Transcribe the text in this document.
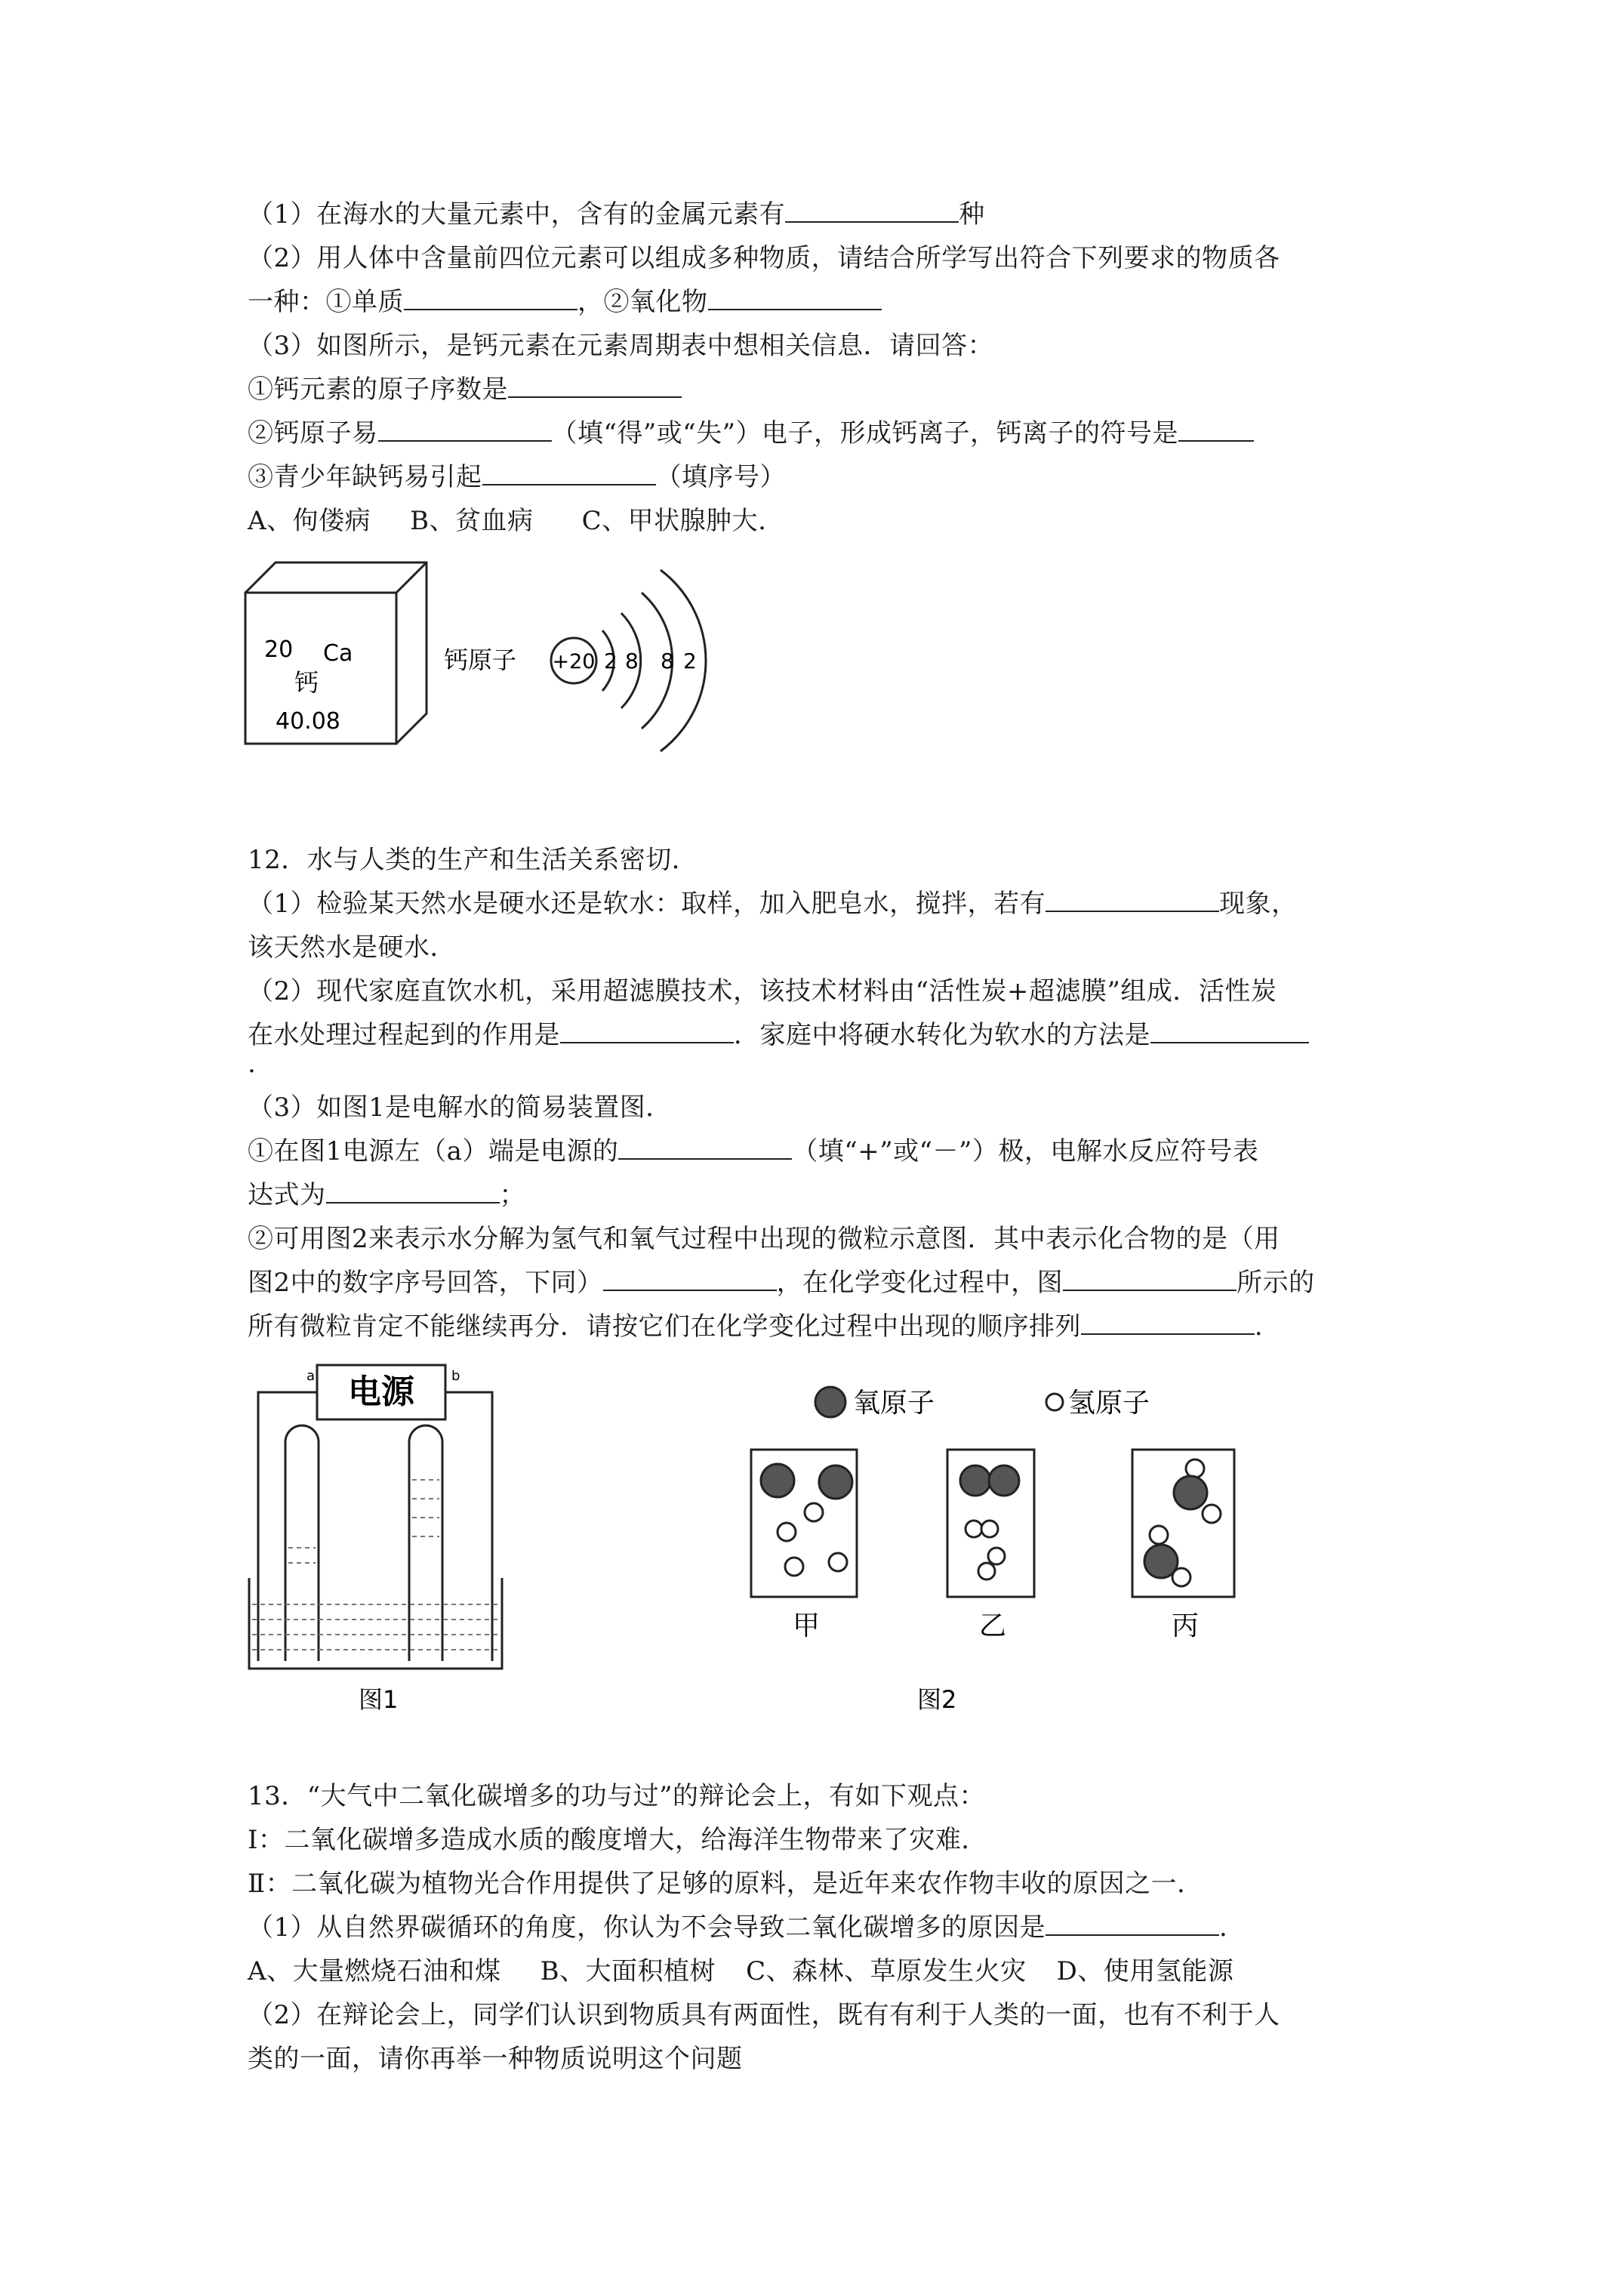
（1）在海水的大量元素中，含有的金属元素有	种
（2）用人体中含量前四位元素可以组成多种物质，请结合所学写出符合下列要求的物质各
一种：①单质	，②氧化物
（3）如图所示，是钙元素在元素周期表中想相关信息．请回答：
①钙元素的原子序数是
②钙原子易	（填“得”或“失”）电子，形成钙离子，钙离子的符号是
③青少年缺钙易引起	（填序号）
A、佝偻病 B、贫血病 C、甲状腺肿大.
20 Ca
钙
40.08
钙原子 +20 2 8 8 2
12．水与人类的生产和生活关系密切．
（1）检验某天然水是硬水还是软水：取样，加入肥皂水，搅拌，若有	现象，
该天然水是硬水．
（2）现代家庭直饮水机，采用超滤膜技术，该技术材料由“活性炭+超滤膜”组成．活性炭
在水处理过程起到的作用是	．家庭中将硬水转化为软水的方法是
.
（3）如图1是电解水的简易装置图．
①在图1电源左（a）端是电源的	（填“+”或“－”）极，电解水反应符号表
达式为	；
②可用图2来表示水分解为氢气和氧气过程中出现的微粒示意图．其中表示化合物的是（用
图2中的数字序号回答，下同）	，在化学变化过程中，图	所示的
所有微粒肯定不能继续再分．请按它们在化学变化过程中出现的顺序排列	．
电源
a	b
图1
氧原子	氢原子
甲	乙	丙
图2
13．“大气中二氧化碳增多的功与过”的辩论会上，有如下观点：
Ⅰ：二氧化碳增多造成水质的酸度增大，给海洋生物带来了灾难．
Ⅱ：二氧化碳为植物光合作用提供了足够的原料，是近年来农作物丰收的原因之一．
（1）从自然界碳循环的角度，你认为不会导致二氧化碳增多的原因是	．
A、大量燃烧石油和煤 B、大面积植树 C、森林、草原发生火灾 D、使用氢能源
（2）在辩论会上，同学们认识到物质具有两面性，既有有利于人类的一面，也有不利于人
类的一面，请你再举一种物质说明这个问题
